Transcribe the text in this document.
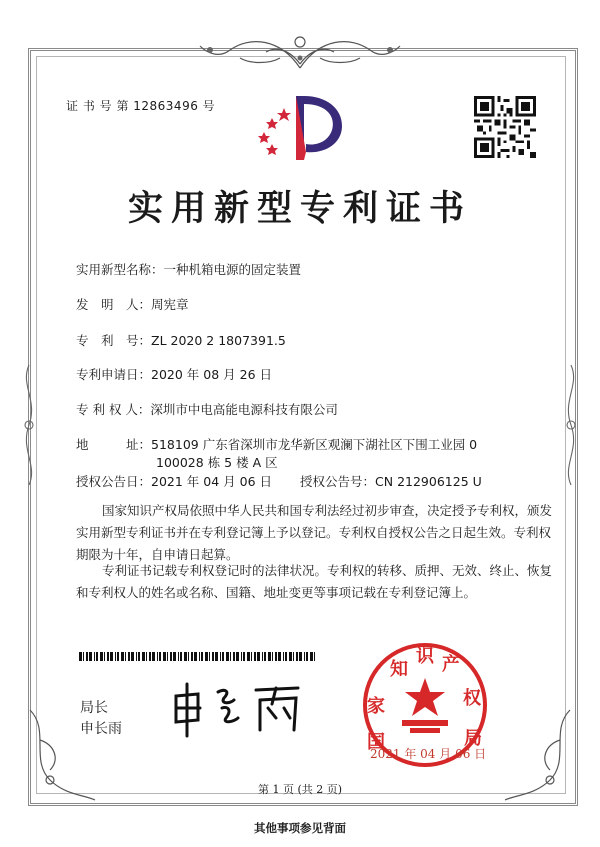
证 书 号 第 12863496 号
实用新型专利证书
实用新型名称：一种机箱电源的固定装置
发　明　人：周宪章
专　利　号：ZL 2020 2 1807391.5
专利申请日：2020 年 08 月 26 日
专 利 权 人：深圳市中电高能电源科技有限公司
地　　　址：518109 广东省深圳市龙华新区观澜下湖社区下围工业园 0
100028 栋 5 楼 A 区
授权公告日：2021 年 04 月 06 日 授权公告号：CN 212906125 U
国家知识产权局依照中华人民共和国专利法经过初步审查，决定授予专利权，颁发实用新型专利证书并在专利登记簿上予以登记。专利权自授权公告之日起生效。专利权期限为十年，自申请日起算。
专利证书记载专利权登记时的法律状况。专利权的转移、质押、无效、终止、恢复和专利权人的姓名或名称、国籍、地址变更等事项记载在专利登记簿上。
局长
申长雨
国
家
知
识 产
权
局
2021 年 04 月 06 日
第 1 页 (共 2 页)
其他事项参见背面
